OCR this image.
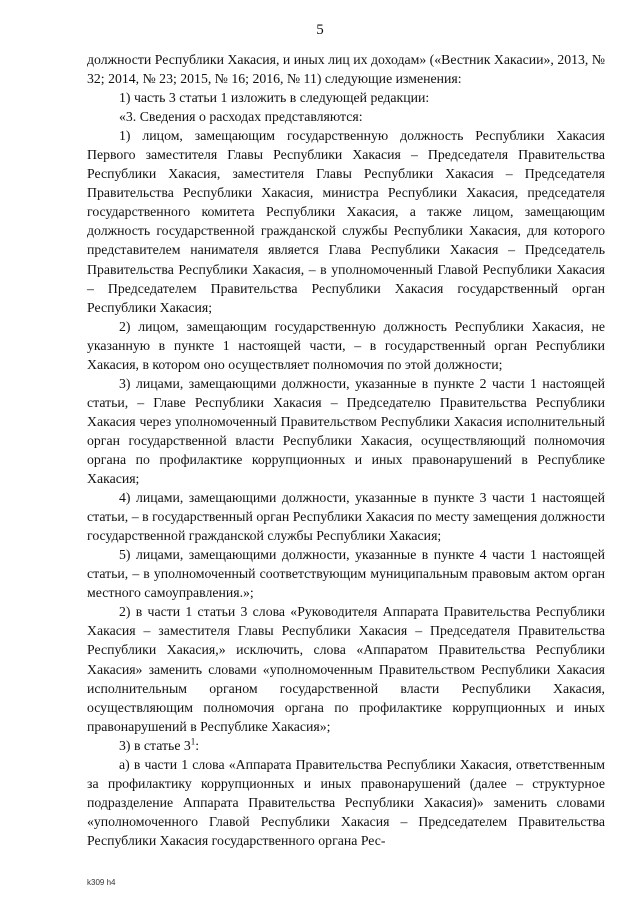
5

должности Республики Хакасия, и иных лиц их доходам» («Вестник Хакасии», 2013, № 32; 2014, № 23; 2015, № 16; 2016, № 11) следующие изменения:

1) часть 3 статьи 1 изложить в следующей редакции:

«3. Сведения о расходах представляются:

1) лицом, замещающим государственную должность Республики Хакасия Первого заместителя Главы Республики Хакасия – Председателя Правительства Республики Хакасия, заместителя Главы Республики Хакасия – Председателя Правительства Республики Хакасия, министра Республики Хакасия, председателя государственного комитета Республики Хакасия, а также лицом, замещающим должность государственной гражданской службы Республики Хакасия, для которого представителем нанимателя является Глава Республики Хакасия – Председатель Правительства Республики Хакасия, – в уполномоченный Главой Республики Хакасия – Председателем Правительства Республики Хакасия государственный орган Республики Хакасия;

2) лицом, замещающим государственную должность Республики Хакасия, не указанную в пункте 1 настоящей части, – в государственный орган Республики Хакасия, в котором оно осуществляет полномочия по этой должности;

3) лицами, замещающими должности, указанные в пункте 2 части 1 настоящей статьи, – Главе Республики Хакасия – Председателю Правительства Республики Хакасия через уполномоченный Правительством Республики Хакасия исполнительный орган государственной власти Республики Хакасия, осуществляющий полномочия органа по профилактике коррупционных и иных правонарушений в Республике Хакасия;

4) лицами, замещающими должности, указанные в пункте 3 части 1 настоящей статьи, – в государственный орган Республики Хакасия по месту замещения должности государственной гражданской службы Республики Хакасия;

5) лицами, замещающими должности, указанные в пункте 4 части 1 настоящей статьи, – в уполномоченный соответствующим муниципальным правовым актом орган местного самоуправления.»;

2) в части 1 статьи 3 слова «Руководителя Аппарата Правительства Республики Хакасия – заместителя Главы Республики Хакасия – Председателя Правительства Республики Хакасия,» исключить, слова «Аппаратом Правительства Республики Хакасия» заменить словами «уполномоченным Правительством Республики Хакасия исполнительным органом государственной власти Республики Хакасия, осуществляющим полномочия органа по профилактике коррупционных и иных правонарушений в Республике Хакасия»;

3) в статье $3^1$:

а) в части 1 слова «Аппарата Правительства Республики Хакасия, ответственным за профилактику коррупционных и иных правонарушений (далее – структурное подразделение Аппарата Правительства Республики Хакасия)» заменить словами «уполномоченного Главой Республики Хакасия – Председателем Правительства Республики Хакасия государственного органа Рес-

k309 h4
